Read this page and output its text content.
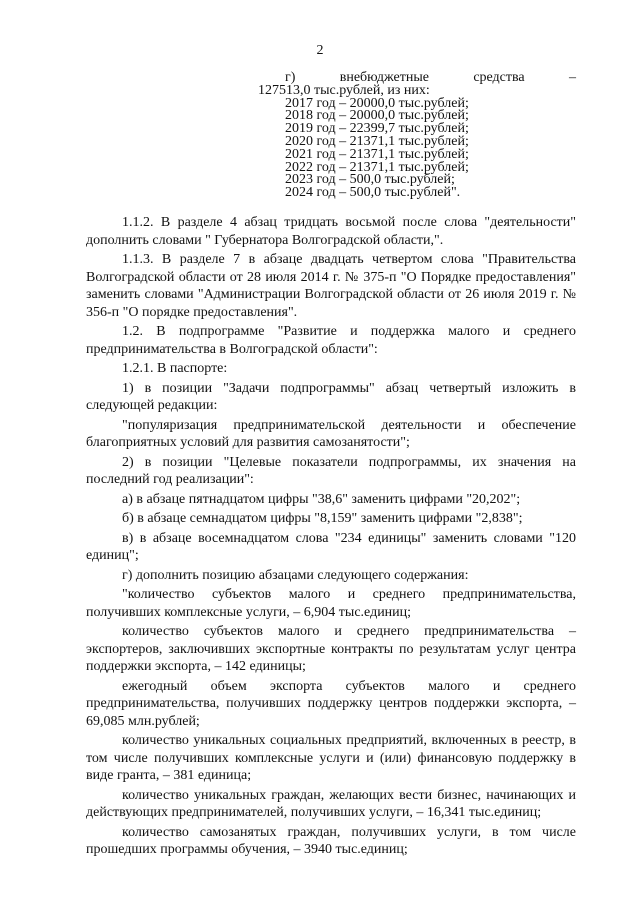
2
г)	внебюджетные	средства	–
127513,0 тыс.рублей, из них:
2017 год – 20000,0 тыс.рублей;
2018 год – 20000,0 тыс.рублей;
2019 год – 22399,7 тыс.рублей;
2020 год – 21371,1 тыс.рублей;
2021 год – 21371,1 тыс.рублей;
2022 год – 21371,1 тыс.рублей;
2023 год – 500,0 тыс.рублей;
2024 год – 500,0 тыс.рублей".

1.1.2. В разделе 4 абзац тридцать восьмой после слова "деятельности" дополнить словами " Губернатора Волгоградской области,".

1.1.3. В разделе 7 в абзаце двадцать четвертом слова "Правительства Волгоградской области от 28 июля 2014 г. № 375-п "О Порядке предоставления" заменить словами "Администрации Волгоградской области от 26 июля 2019 г. № 356-п "О порядке предоставления".

1.2. В подпрограмме "Развитие и поддержка малого и среднего предпринимательства в Волгоградской области":

1.2.1. В паспорте:

1) в позиции "Задачи подпрограммы" абзац четвертый изложить в следующей редакции:

"популяризация предпринимательской деятельности и обеспечение благоприятных условий для развития самозанятости";

2) в позиции "Целевые показатели подпрограммы, их значения на последний год реализации":

а) в абзаце пятнадцатом цифры "38,6" заменить цифрами "20,202";

б) в абзаце семнадцатом цифры "8,159" заменить цифрами "2,838";

в) в абзаце восемнадцатом слова "234 единицы" заменить словами "120 единиц";

г) дополнить позицию абзацами следующего содержания:

"количество субъектов малого и среднего предпринимательства, получивших комплексные услуги, – 6,904 тыс.единиц;

количество субъектов малого и среднего предпринимательства – экспортеров, заключивших экспортные контракты по результатам услуг центра поддержки экспорта, – 142 единицы;

ежегодный объем экспорта субъектов малого и среднего предпринимательства, получивших поддержку центров поддержки экспорта, – 69,085 млн.рублей;

количество уникальных социальных предприятий, включенных в реестр, в том числе получивших комплексные услуги и (или) финансовую поддержку в виде гранта, – 381 единица;

количество уникальных граждан, желающих вести бизнес, начинающих и действующих предпринимателей, получивших услуги, – 16,341 тыс.единиц;

количество самозанятых граждан, получивших услуги, в том числе прошедших программы обучения, – 3940 тыс.единиц;
